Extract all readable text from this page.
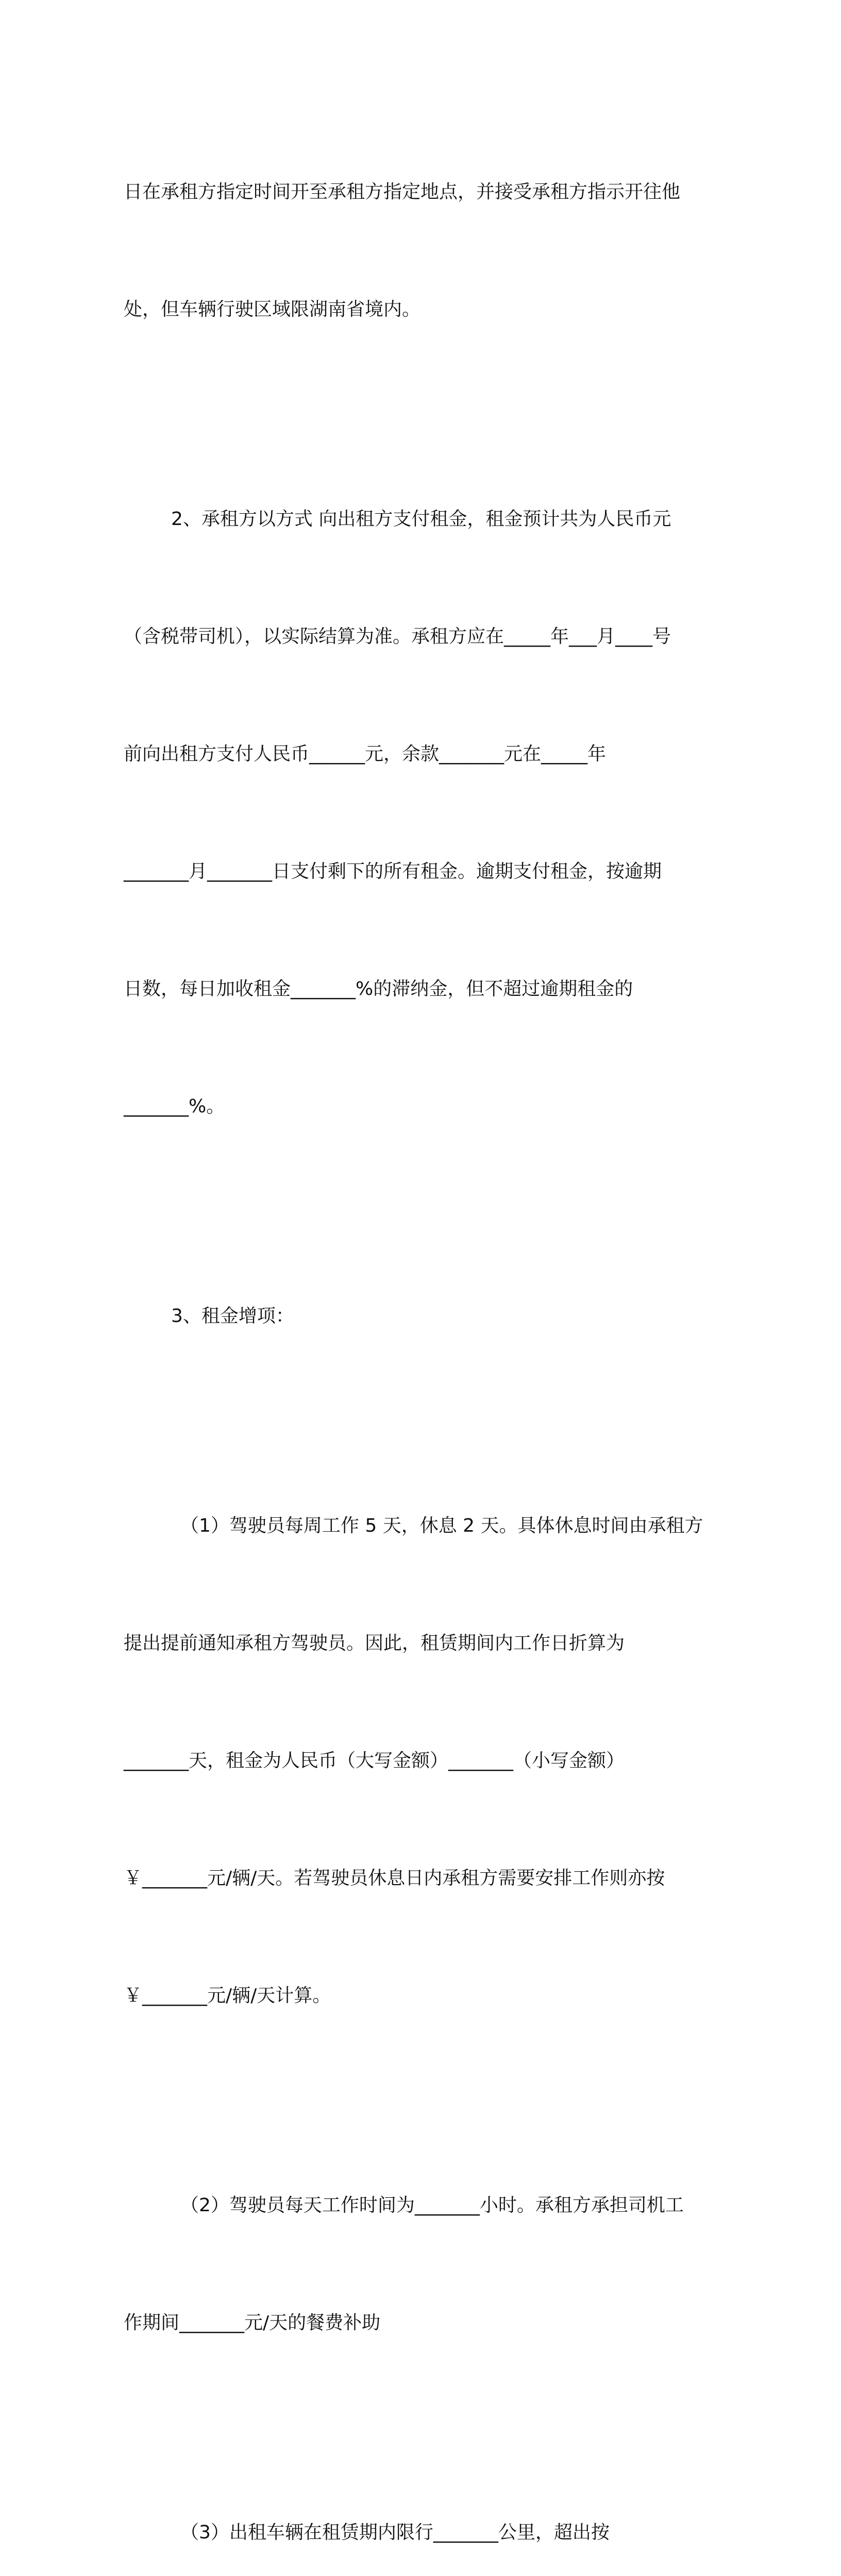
日在承租方指定时间开至承租方指定地点，并接受承租方指示开往他

处，但车辆行驶区域限湖南省境内。

2、承租方以方式 向出租方支付租金，租金预计共为人民币元

（含税带司机），以实际结算为准。承租方应在_____年___月____号

前向出租方支付人民币______元，余款_______元在_____年

_______月_______日支付剩下的所有租金。逾期支付租金，按逾期

日数，每日加收租金_______%的滞纳金，但不超过逾期租金的

_______%。

3、租金增项：

（1）驾驶员每周工作 5 天，休息 2 天。具体休息时间由承租方

提出提前通知承租方驾驶员。因此，租赁期间内工作日折算为

_______天，租金为人民币（大写金额）_______（小写金额）

￥_______元/辆/天。若驾驶员休息日内承租方需要安排工作则亦按

￥_______元/辆/天计算。

（2）驾驶员每天工作时间为_______小时。承租方承担司机工

作期间_______元/天的餐费补助

（3）出租车辆在租赁期内限行_______公里，超出按
